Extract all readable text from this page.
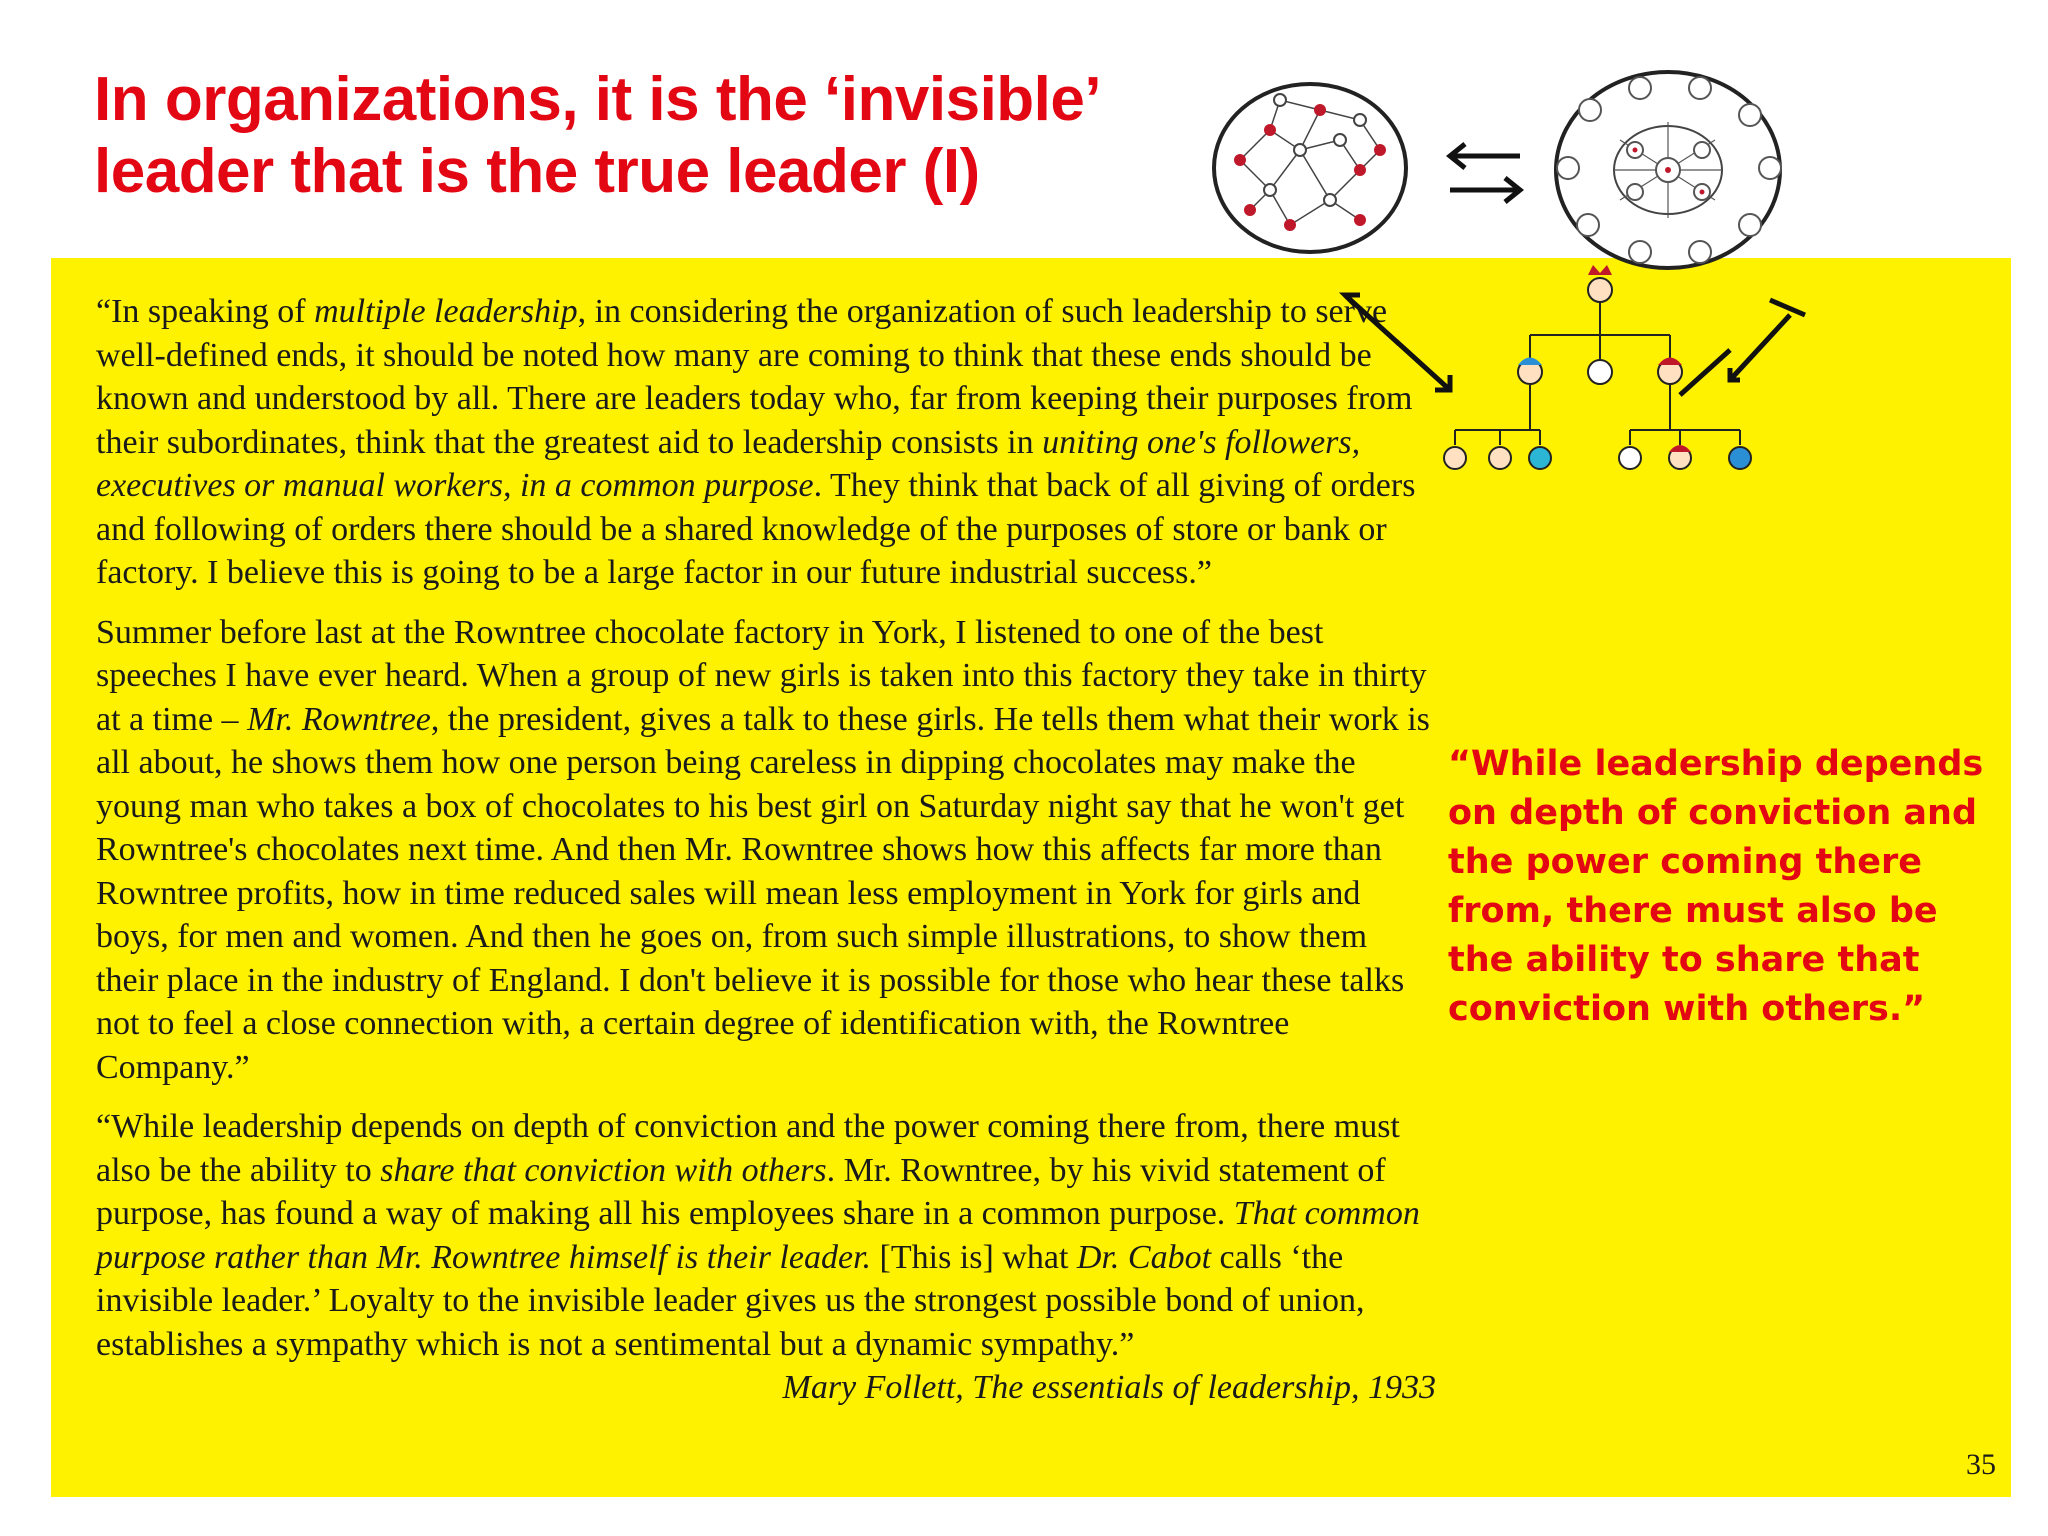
In organizations, it is the ‘invisible’
leader that is the true leader (I)

“In speaking of multiple leadership, in considering the organization of such leadership to serve well-defined ends, it should be noted how many are coming to think that these ends should be known and understood by all. There are leaders today who, far from keeping their purposes from their subordinates, think that the greatest aid to leadership consists in uniting one's followers, executives or manual workers, in a common purpose. They think that back of all giving of orders and following of orders there should be a shared knowledge of the purposes of store or bank or factory. I believe this is going to be a large factor in our future industrial success.”

Summer before last at the Rowntree chocolate factory in York, I listened to one of the best speeches I have ever heard. When a group of new girls is taken into this factory they take in thirty at a time – Mr. Rowntree, the president, gives a talk to these girls. He tells them what their work is all about, he shows them how one person being careless in dipping chocolates may make the young man who takes a box of chocolates to his best girl on Saturday night say that he won't get Rowntree's chocolates next time. And then Mr. Rowntree shows how this affects far more than Rowntree profits, how in time reduced sales will mean less employment in York for girls and boys, for men and women. And then he goes on, from such simple illustrations, to show them their place in the industry of England. I don't believe it is possible for those who hear these talks not to feel a close connection with, a certain degree of identification with, the Rowntree Company.”

“While leadership depends on depth of conviction and the power coming there from, there must also be the ability to share that conviction with others. Mr. Rowntree, by his vivid statement of purpose, has found a way of making all his employees share in a common purpose. That common purpose rather than Mr. Rowntree himself is their leader. [This is] what Dr. Cabot calls ‘the invisible leader.’ Loyalty to the invisible leader gives us the strongest possible bond of union, establishes a sympathy which is not a sentimental but a dynamic sympathy.”
Mary Follett, The essentials of leadership, 1933

“While leadership depends on depth of conviction and the power coming there from, there must also be the ability to share that conviction with others.”

35
